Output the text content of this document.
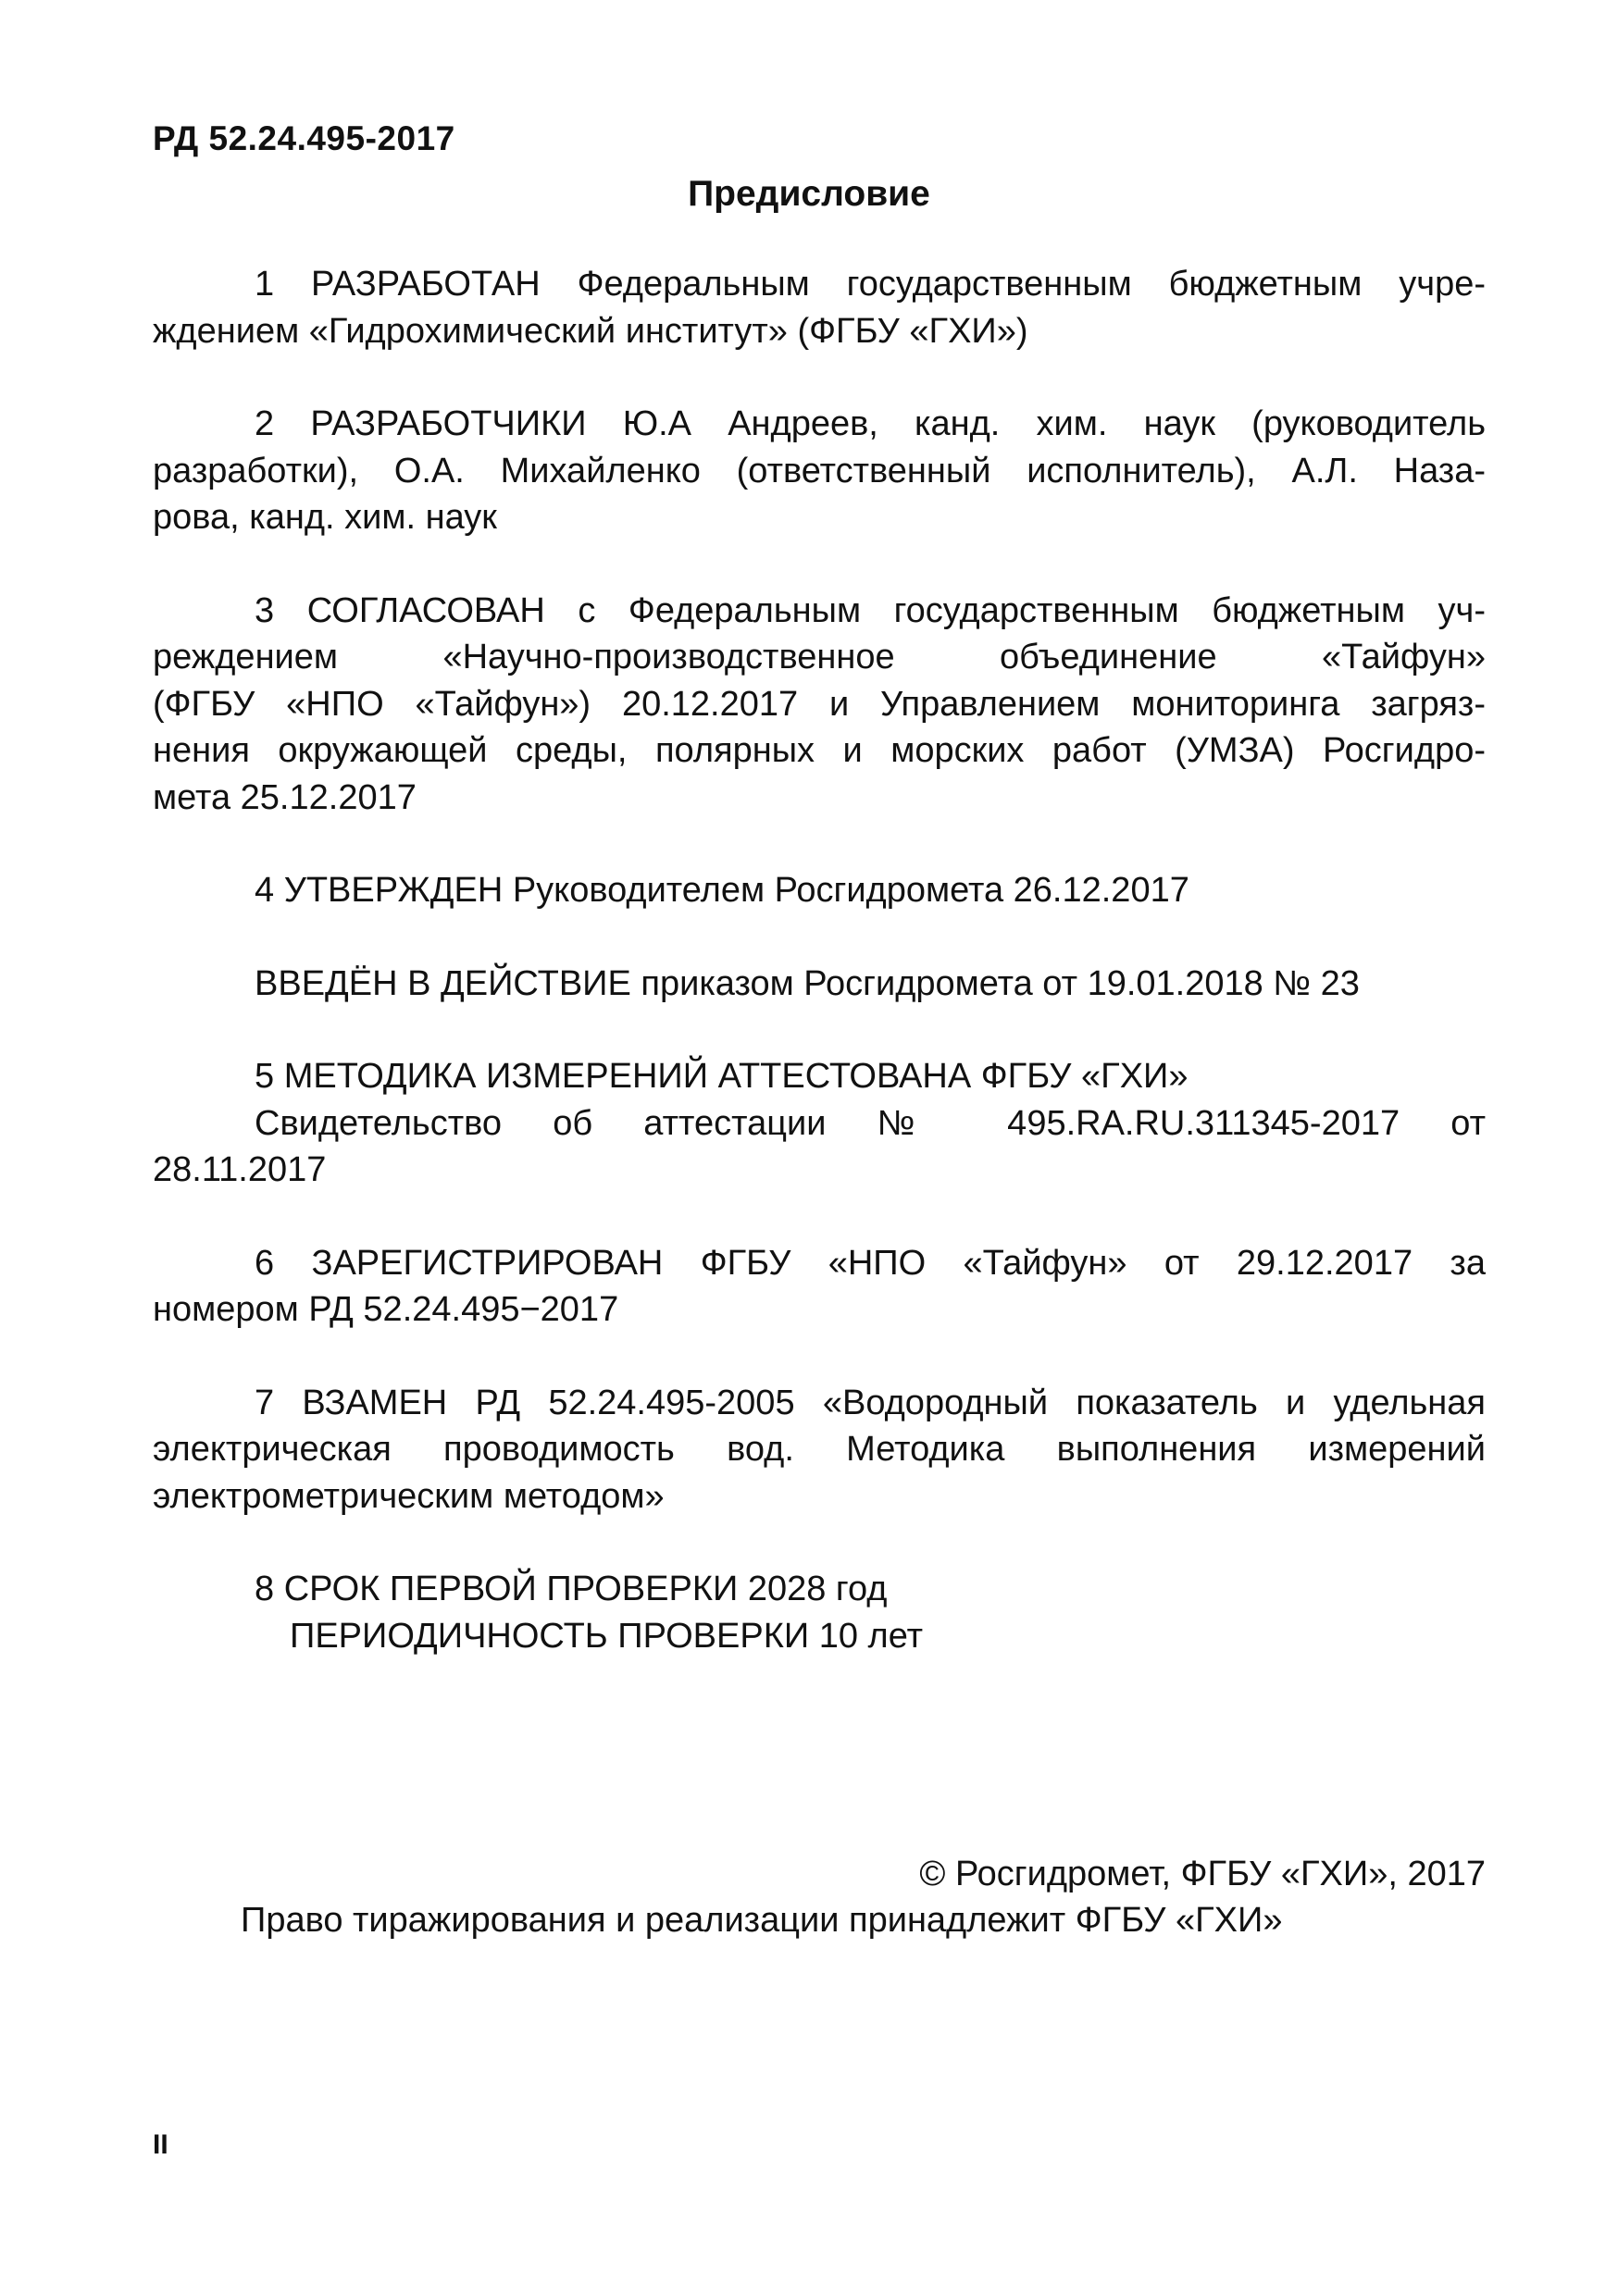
РД 52.24.495-2017
Предисловие

1 РАЗРАБОТАН Федеральным государственным бюджетным учре-
ждением «Гидрохимический институт» (ФГБУ «ГХИ»)

2 РАЗРАБОТЧИКИ Ю.А Андреев, канд. хим. наук (руководитель
разработки), О.А. Михайленко (ответственный исполнитель), А.Л. Наза-
рова, канд. хим. наук

3 СОГЛАСОВАН с Федеральным государственным бюджетным уч-
реждением «Научно-производственное объединение «Тайфун»
(ФГБУ «НПО «Тайфун») 20.12.2017 и Управлением мониторинга загряз-
нения окружающей среды, полярных и морских работ (УМЗА) Росгидро-
мета 25.12.2017

4 УТВЕРЖДЕН Руководителем Росгидромета 26.12.2017

ВВЕДЁН В ДЕЙСТВИЕ приказом Росгидромета от 19.01.2018 № 23

5 МЕТОДИКА ИЗМЕРЕНИЙ АТТЕСТОВАНА ФГБУ «ГХИ»
Свидетельство об аттестации № 495.RA.RU.311345-2017 от
28.11.2017

6 ЗАРЕГИСТРИРОВАН ФГБУ «НПО «Тайфун» от 29.12.2017 за
номером РД 52.24.495−2017

7 ВЗАМЕН РД 52.24.495-2005 «Водородный показатель и удельная
электрическая проводимость вод. Методика выполнения измерений
электрометрическим методом»

8 СРОК ПЕРВОЙ ПРОВЕРКИ 2028 год
ПЕРИОДИЧНОСТЬ ПРОВЕРКИ 10 лет

© Росгидромет, ФГБУ «ГХИ», 2017
Право тиражирования и реализации принадлежит ФГБУ «ГХИ»
II
